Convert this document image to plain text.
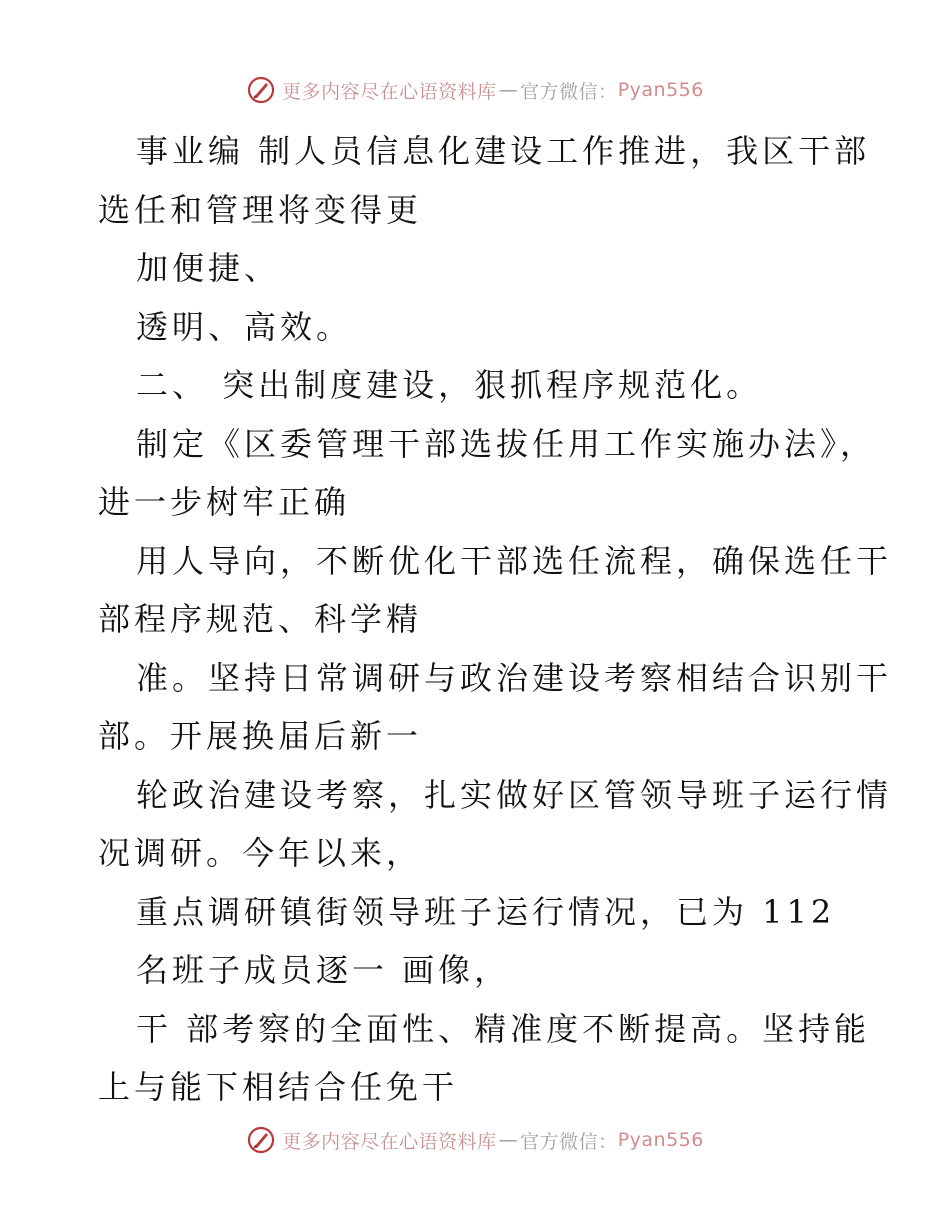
更多内容尽在心语资料库 — 官方微信： Pyan556
事业编 制人员信息化建设工作推进，我区干部
选任和管理将变得更
加便捷、
透明、高效。
二、 突出制度建设，狠抓程序规范化。
制定《区委管理干部选拔任用工作实施办法》，
进一步树牢正确
用人导向，不断优化干部选任流程，确保选任干
部程序规范、科学精
准。坚持日常调研与政治建设考察相结合识别干
部。开展换届后新一
轮政治建设考察，扎实做好区管领导班子运行情
况调研。今年以来，
重点调研镇街领导班子运行情况，已为 112
名班子成员逐一 画像，
干 部考察的全面性、精准度不断提高。坚持能
上与能下相结合任免干
更多内容尽在心语资料库 — 官方微信： Pyan556
